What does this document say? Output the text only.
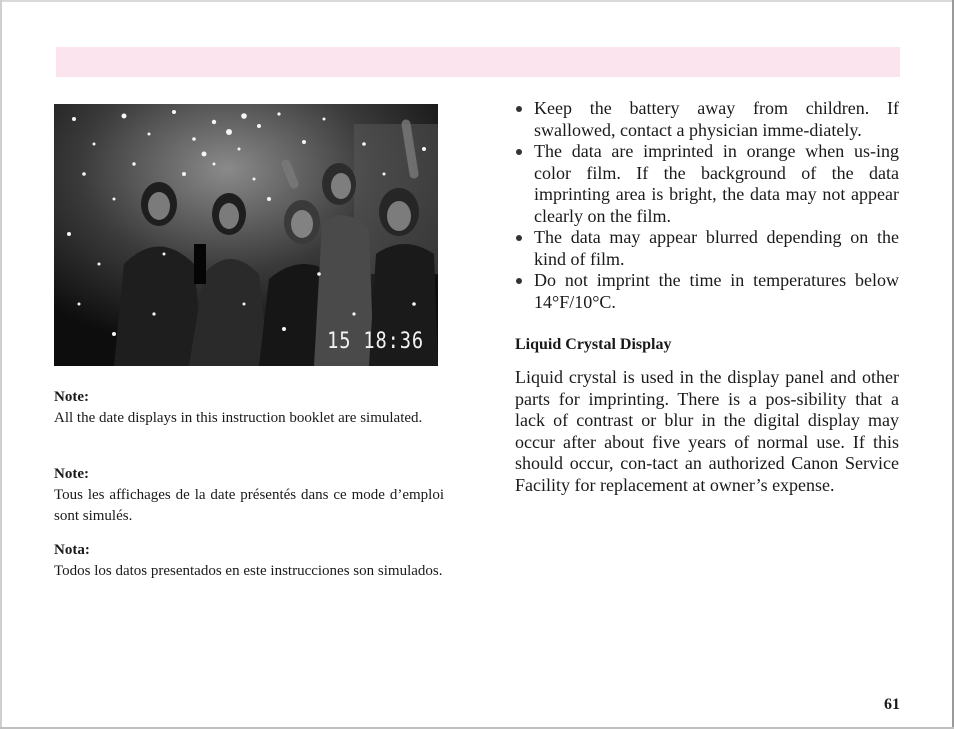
15 18:36

Note:

All the date displays in this instruction booklet are simulated.

Note:

Tous les affichages de la date présentés dans ce mode d’emploi sont simulés.

Nota:

Todos los datos presentados en este instrucciones son simulados.

Keep the battery away from children. If swallowed, contact a physician imme-diately.
The data are imprinted in orange when us-ing color film. If the background of the data imprinting area is bright, the data may not appear clearly on the film.
The data may appear blurred depending on the kind of film.
Do not imprint the time in temperatures below 14°F/10°C.
Liquid Crystal Display

Liquid crystal is used in the display panel and other parts for imprinting. There is a pos-sibility that a lack of contrast or blur in the digital display may occur after about five years of normal use. If this should occur, con-tact an authorized Canon Service Facility for replacement at owner’s expense.

61
